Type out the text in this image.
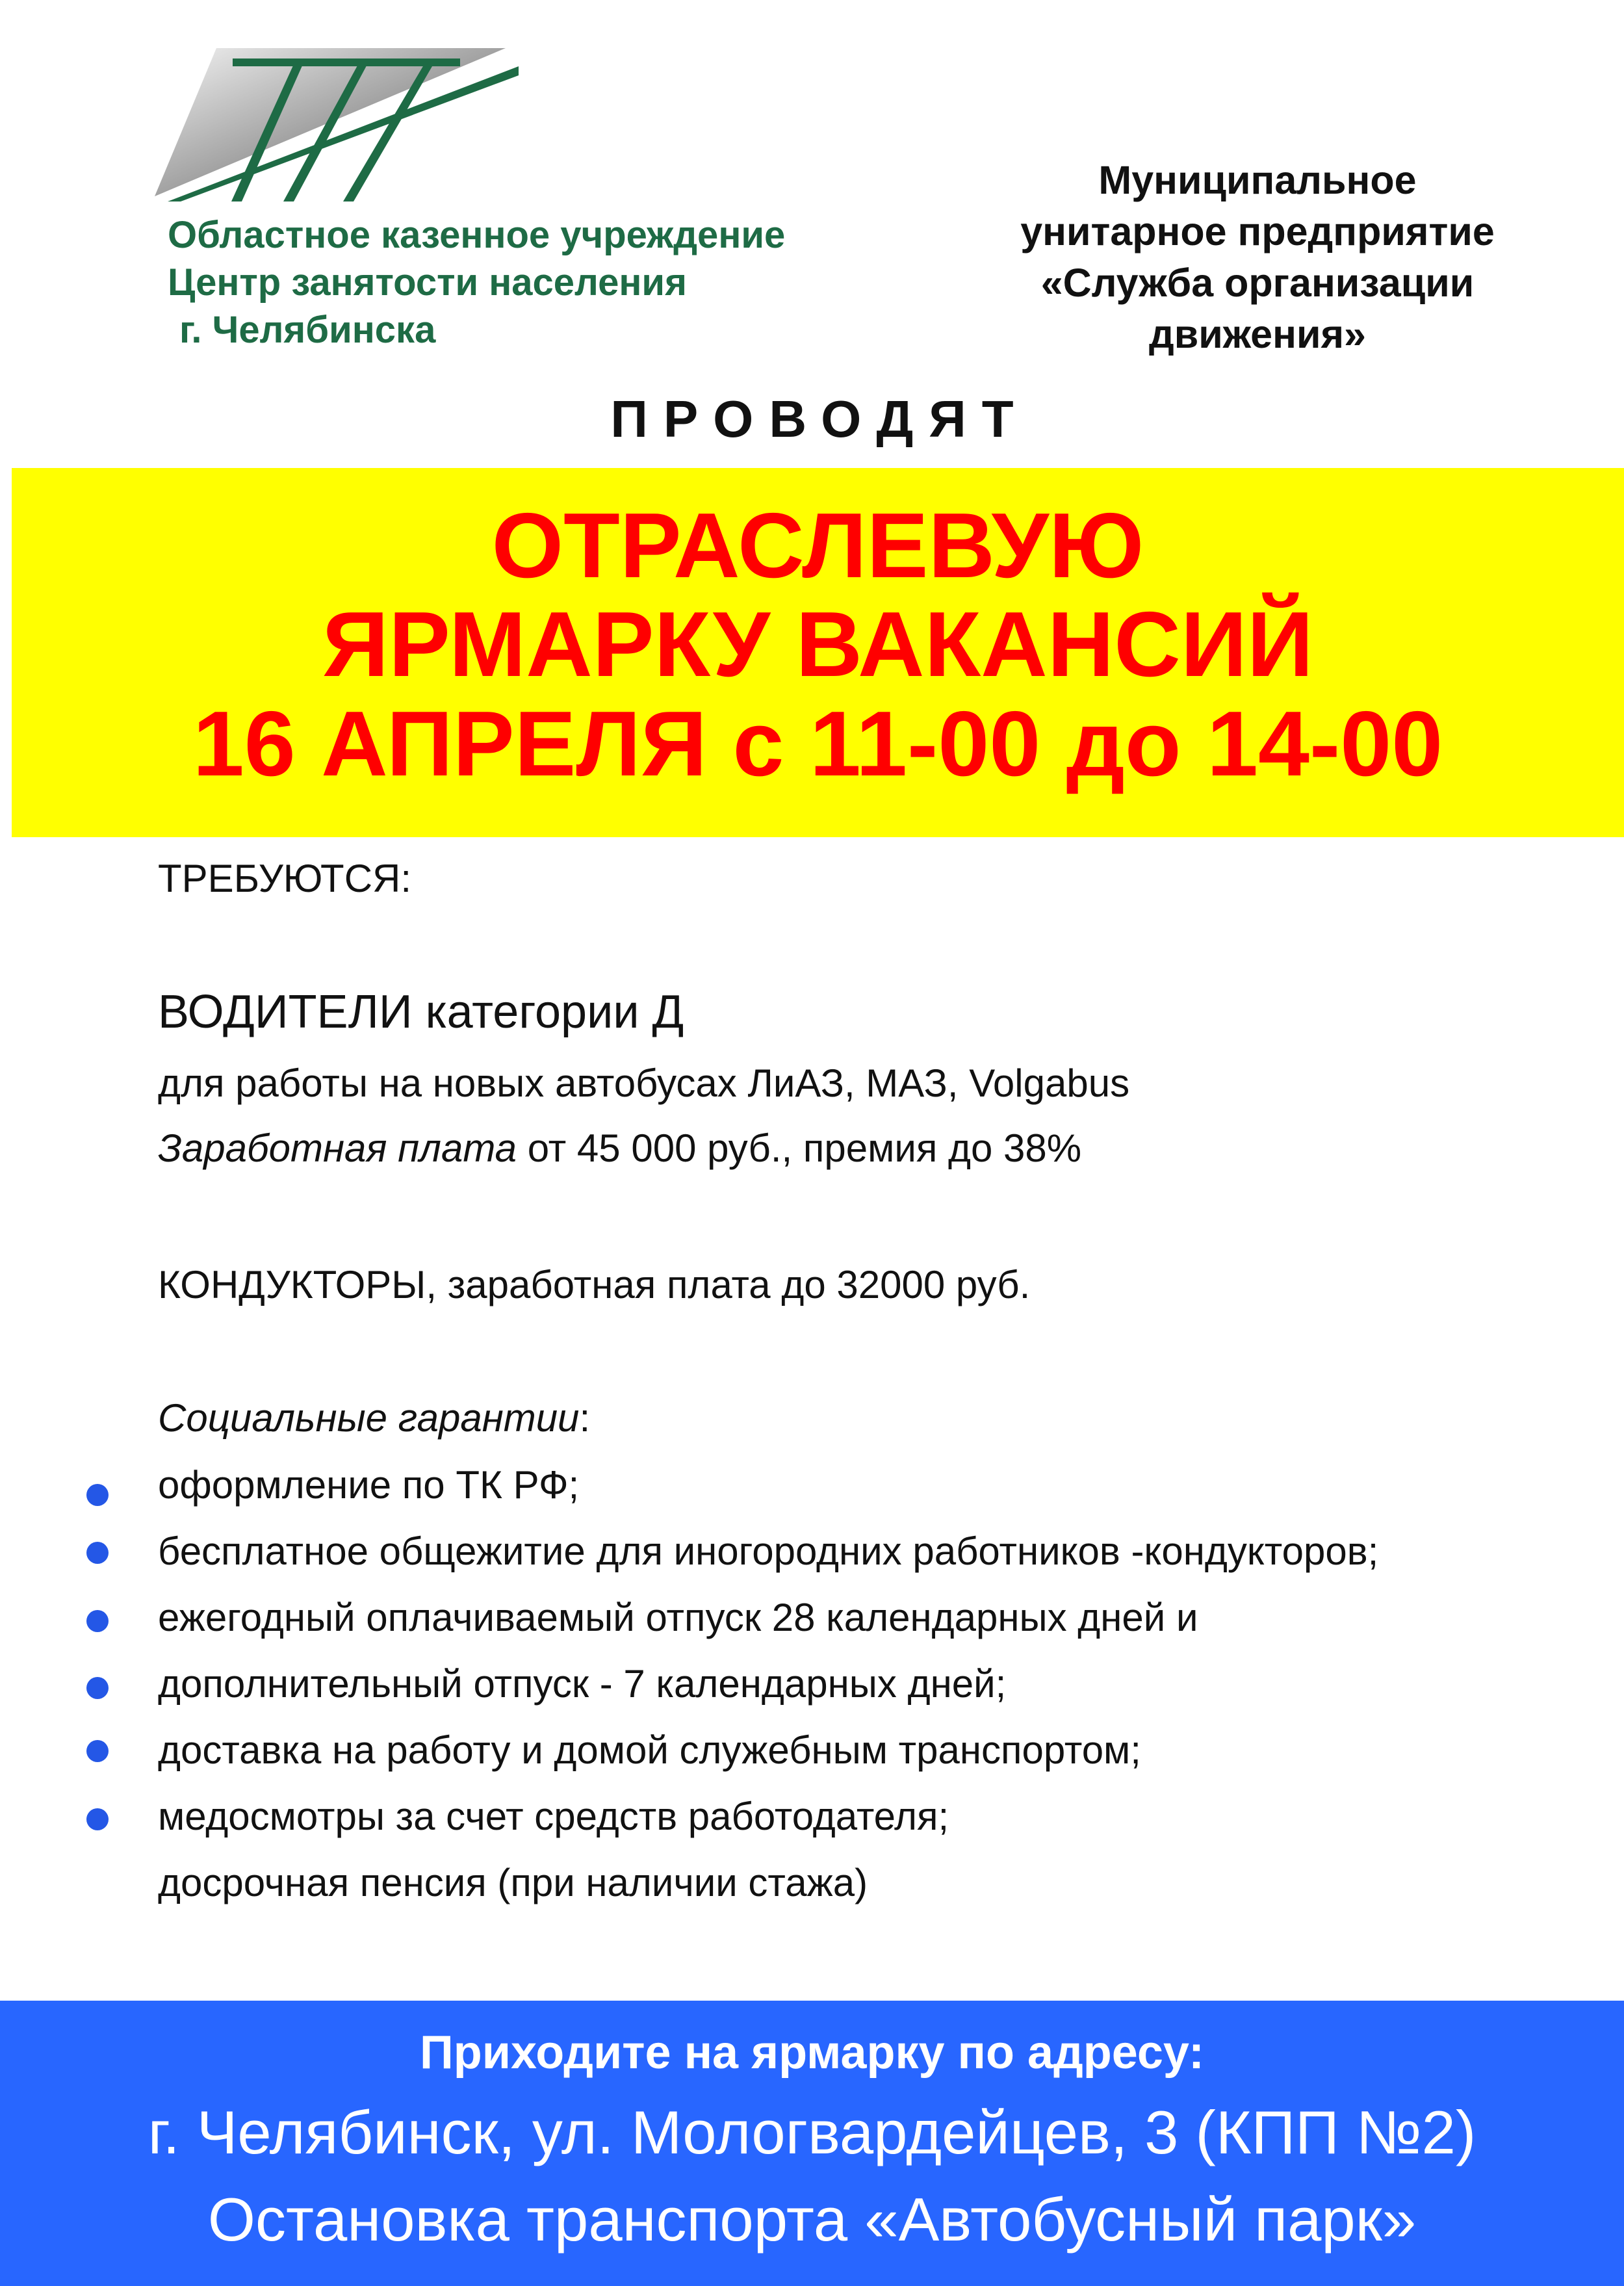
Областное казенное учреждение
Центр занятости населения
г. Челябинска
Муниципальное
унитарное предприятие
«Служба организации
движения»
ПРОВОДЯТ
ОТРАСЛЕВУЮ
ЯРМАРКУ ВАКАНСИЙ
16 АПРЕЛЯ с 11-00 до 14-00
ТРЕБУЮТСЯ:
ВОДИТЕЛИ категории Д
для работы на новых автобусах ЛиАЗ, МАЗ, Volgabus
Заработная плата от 45 000 руб., премия до 38%
КОНДУКТОРЫ, заработная плата до 32000 руб.
Социальные гарантии:
оформление по ТК РФ;
бесплатное общежитие для иногородних работников -кондукторов;
ежегодный оплачиваемый отпуск 28 календарных дней и
дополнительный отпуск - 7 календарных дней;
доставка на работу и домой служебным транспортом;
медосмотры за счет средств работодателя;
досрочная пенсия (при наличии стажа)
Приходите на ярмарку по адресу:
г. Челябинск, ул. Мологвардейцев, 3 (КПП №2)
Остановка транспорта «Автобусный парк»
